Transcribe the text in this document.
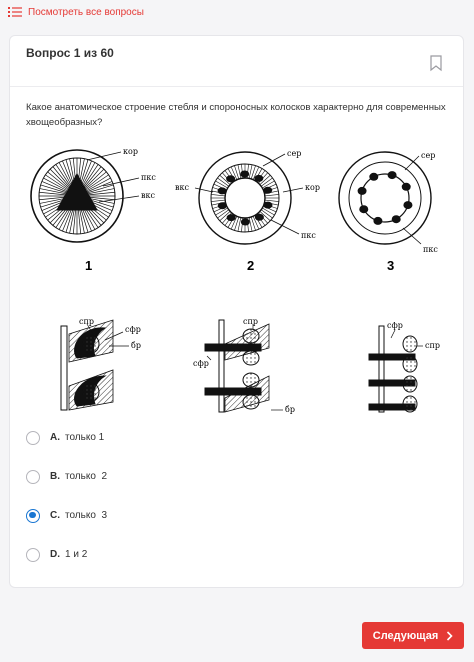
Посмотреть все вопросы
Вопрос 1 из 60
Какое анатомическое строение стебля и спороносных колосков характерно для современных хвощеобразных?
кор
пкс
вкс
сер
вкс	кор
пкс
сер
пкс
1	2	3
спр
сфр
бр
спр
сфр
бр
сфр
спр
A. только 1
B. только  2
C. только  3
D. 1 и 2
Следующая
